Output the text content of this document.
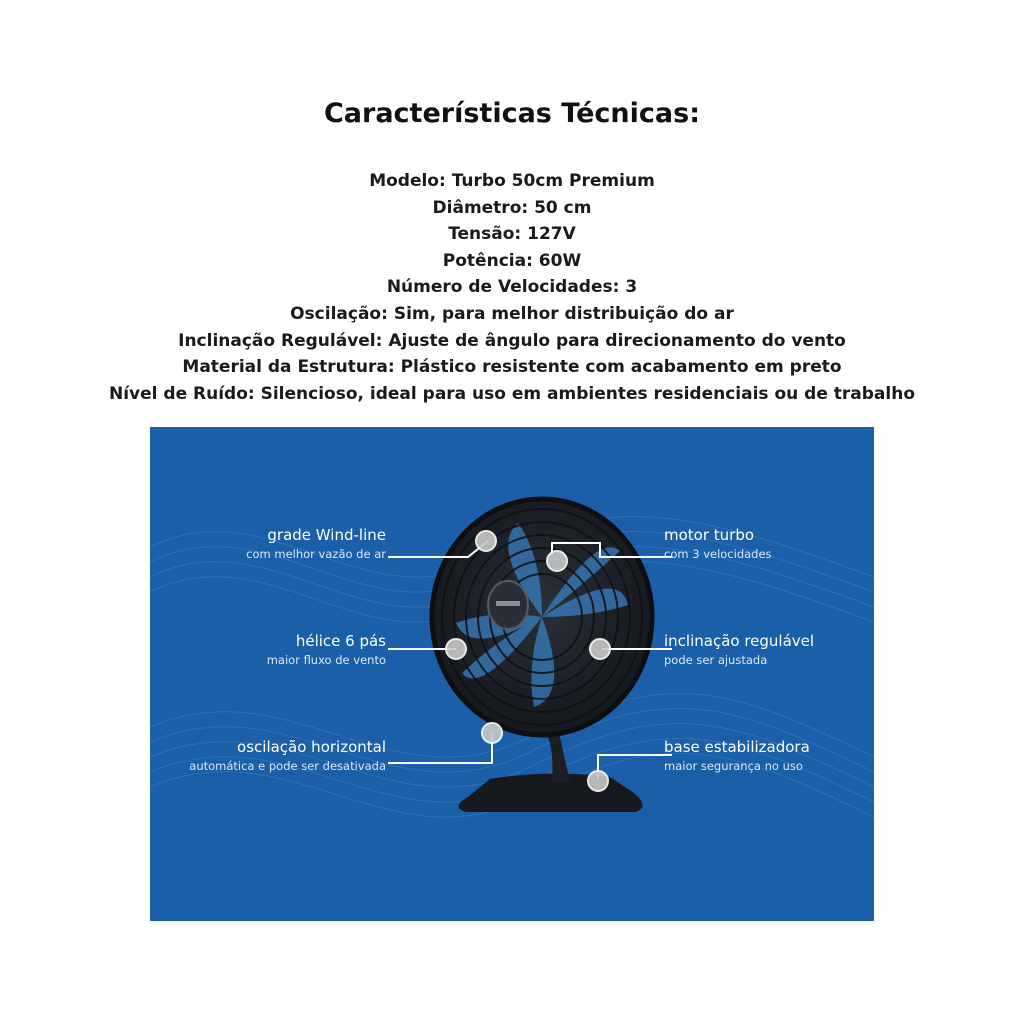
Características Técnicas:
Modelo: Turbo 50cm Premium
Diâmetro: 50 cm
Tensão: 127V
Potência: 60W
Número de Velocidades: 3
Oscilação: Sim, para melhor distribuição do ar
Inclinação Regulável: Ajuste de ângulo para direcionamento do vento
Material da Estrutura: Plástico resistente com acabamento em preto
Nível de Ruído: Silencioso, ideal para uso em ambientes residenciais ou de trabalho
grade Wind-line
com melhor vazão de ar
hélice 6 pás
maior fluxo de vento
oscilação horizontal
automática e pode ser desativada
motor turbo
com 3 velocidades
inclinação regulável
pode ser ajustada
base estabilizadora
maior segurança no uso
